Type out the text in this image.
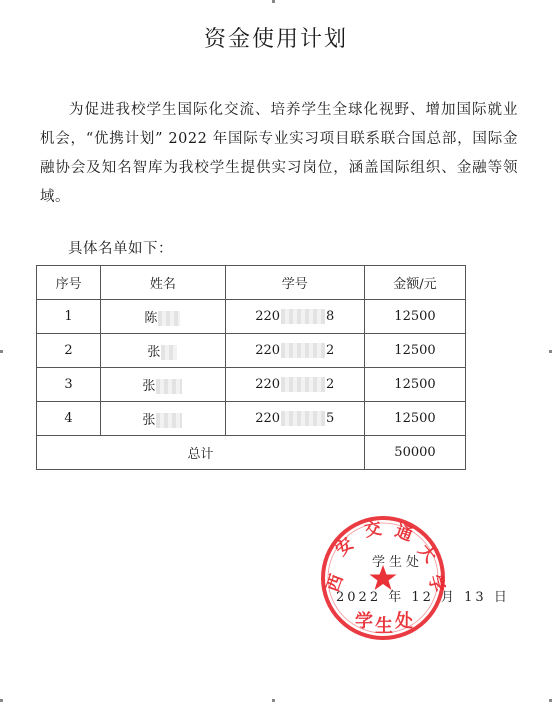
资金使用计划
为促进我校学生国际化交流、培养学生全球化视野、增加国际就业机会，“优携计划” 2022 年国际专业实习项目联系联合国总部，国际金融协会及知名智库为我校学生提供实习岗位，涵盖国际组织、金融等领域。
具体名单如下：
序号	姓名	学号	金额/元
1	陈	220 8	12500
2	张	220 2	12500
3	张	220 2	12500
4	张	220 5	12500
总计			50000
西
安
交 通
大
学
学 生 处
学生处
2022 年 12 月 13 日
